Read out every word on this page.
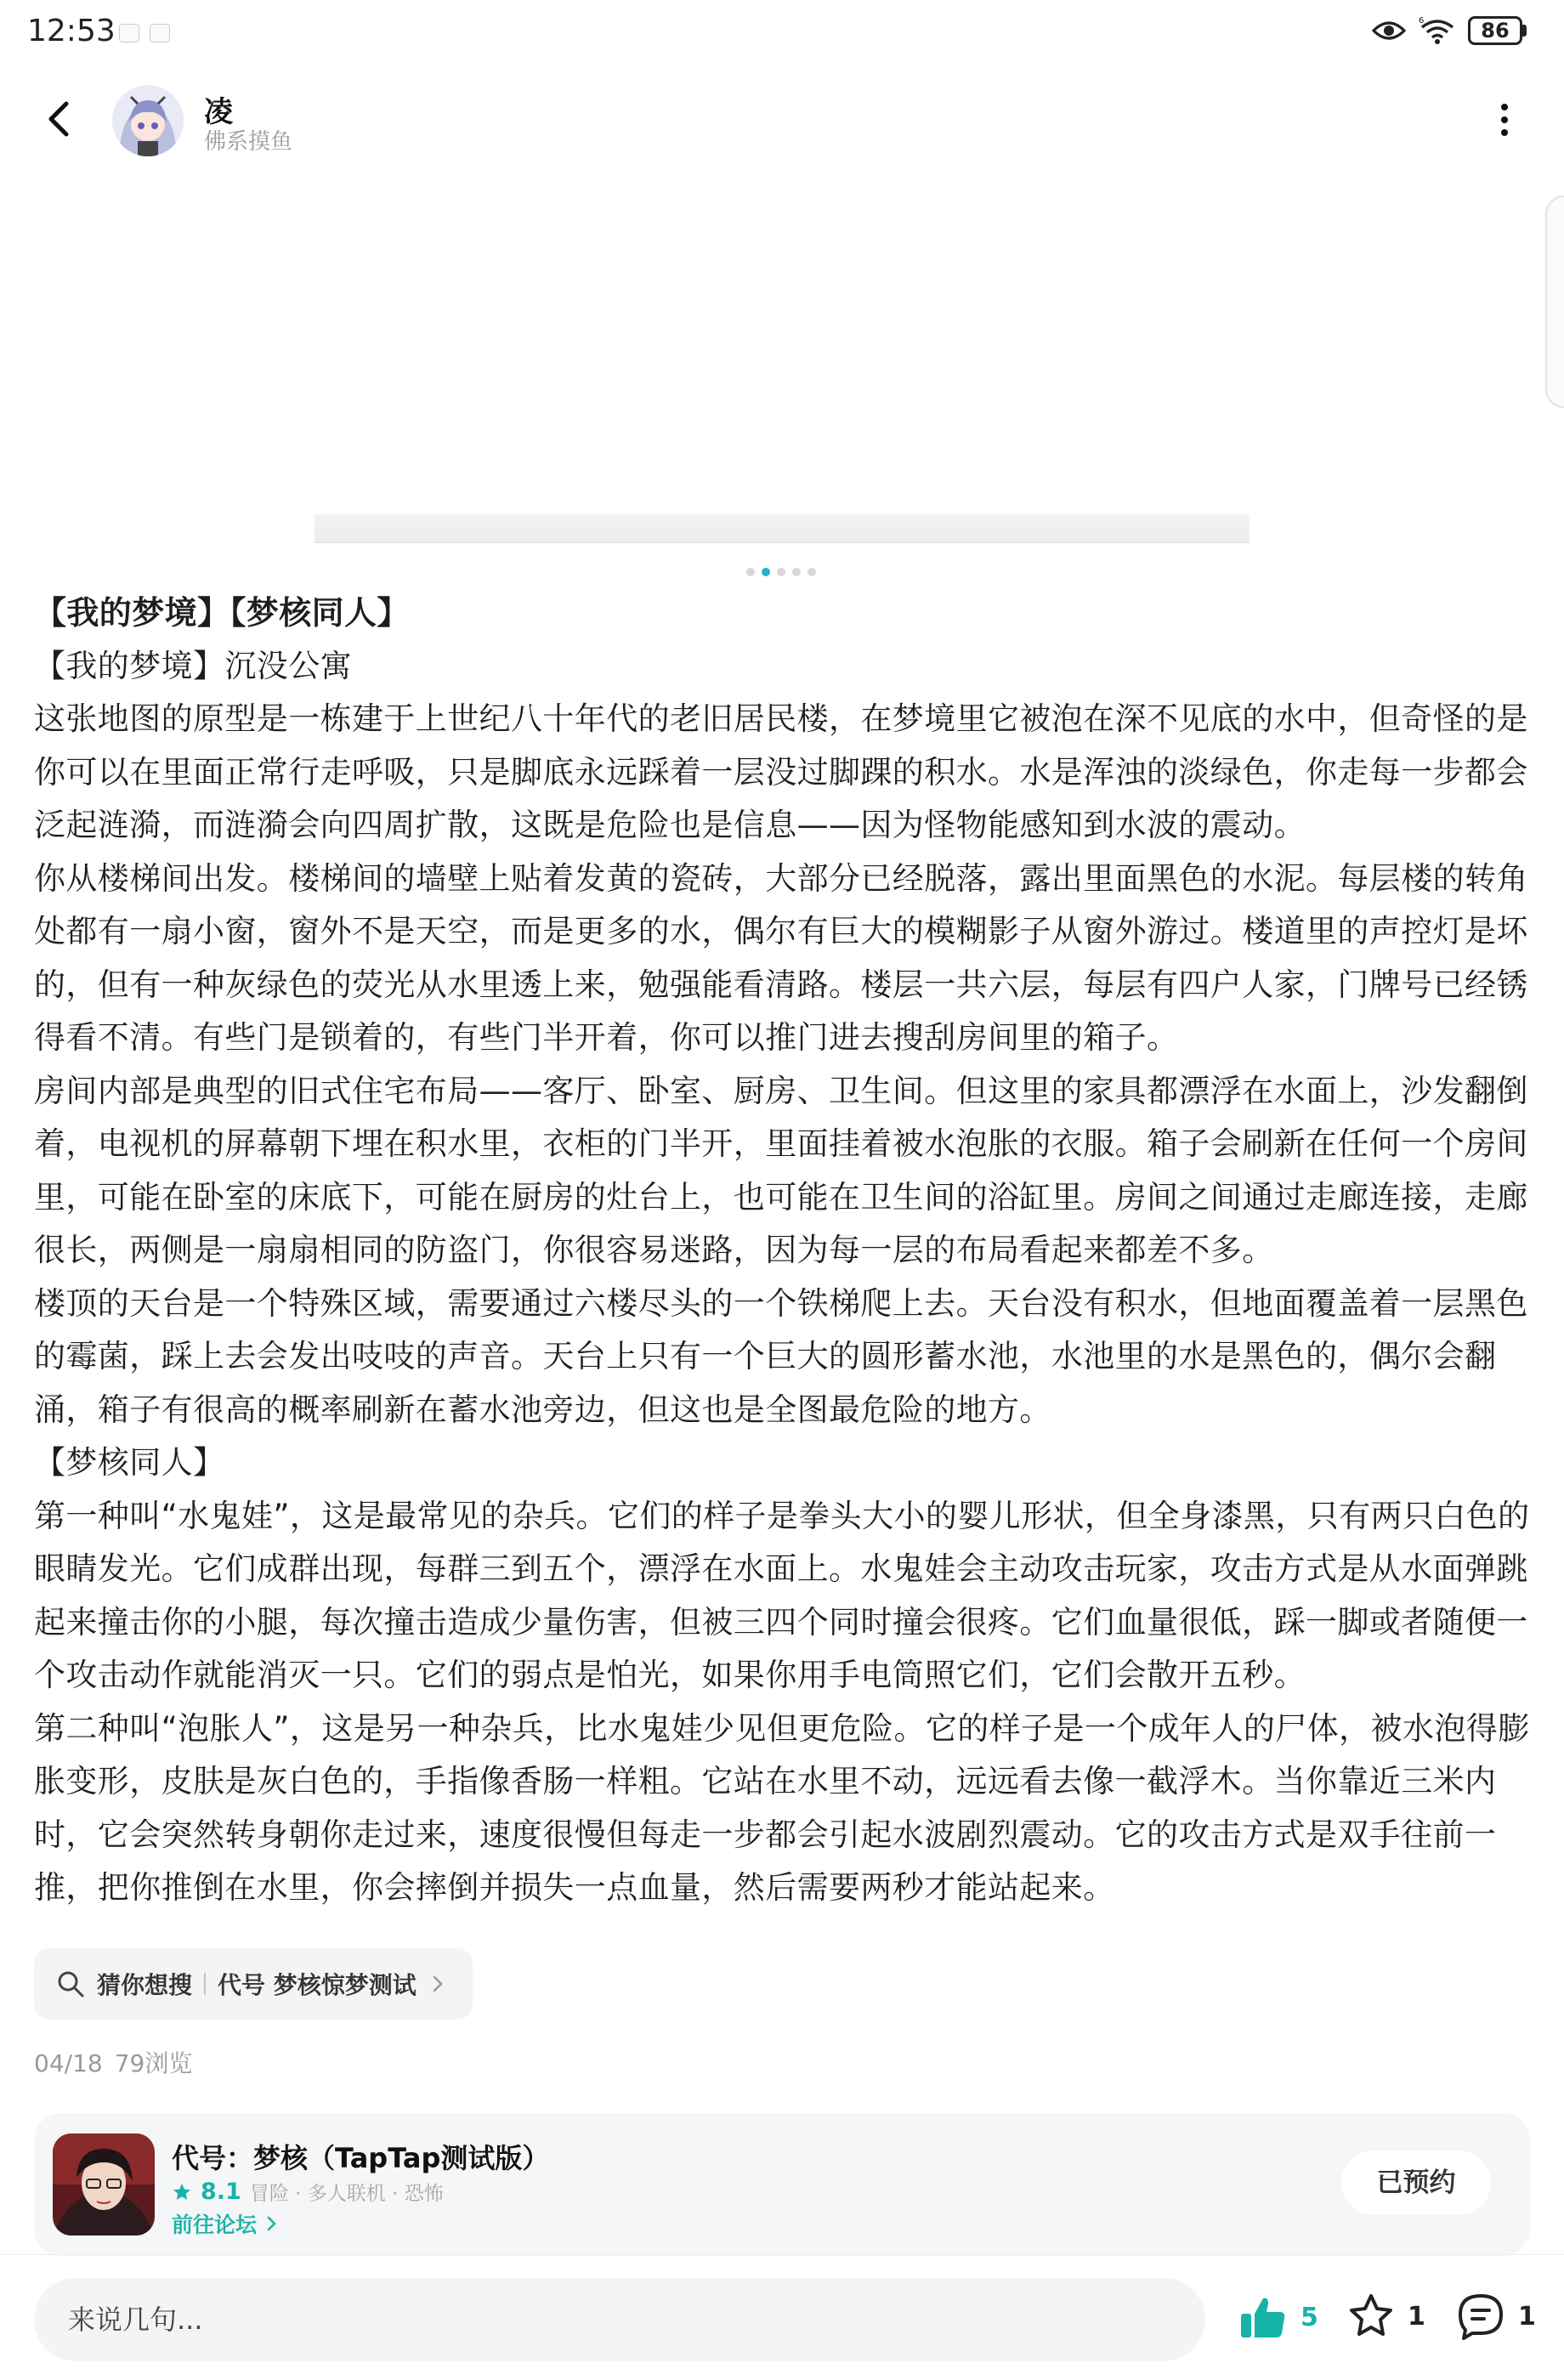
12:53	6	86
凌
佛系摸鱼

【我的梦境】【梦核同人】

【我的梦境】沉没公寓

这张地图的原型是一栋建于上世纪八十年代的老旧居民楼，在梦境里它被泡在深不见底的水中，但奇怪的是你可以在里面正常行走呼吸，只是脚底永远踩着一层没过脚踝的积水。水是浑浊的淡绿色，你走每一步都会泛起涟漪，而涟漪会向四周扩散，这既是危险也是信息——因为怪物能感知到水波的震动。

你从楼梯间出发。楼梯间的墙壁上贴着发黄的瓷砖，大部分已经脱落，露出里面黑色的水泥。每层楼的转角处都有一扇小窗，窗外不是天空，而是更多的水，偶尔有巨大的模糊影子从窗外游过。楼道里的声控灯是坏的，但有一种灰绿色的荧光从水里透上来，勉强能看清路。楼层一共六层，每层有四户人家，门牌号已经锈得看不清。有些门是锁着的，有些门半开着，你可以推门进去搜刮房间里的箱子。

房间内部是典型的旧式住宅布局——客厅、卧室、厨房、卫生间。但这里的家具都漂浮在水面上，沙发翻倒着，电视机的屏幕朝下埋在积水里，衣柜的门半开，里面挂着被水泡胀的衣服。箱子会刷新在任何一个房间里，可能在卧室的床底下，可能在厨房的灶台上，也可能在卫生间的浴缸里。房间之间通过走廊连接，走廊很长，两侧是一扇扇相同的防盗门，你很容易迷路，因为每一层的布局看起来都差不多。

楼顶的天台是一个特殊区域，需要通过六楼尽头的一个铁梯爬上去。天台没有积水，但地面覆盖着一层黑色的霉菌，踩上去会发出吱吱的声音。天台上只有一个巨大的圆形蓄水池，水池里的水是黑色的，偶尔会翻涌，箱子有很高的概率刷新在蓄水池旁边，但这也是全图最危险的地方。

【梦核同人】

第一种叫“水鬼娃”，这是最常见的杂兵。它们的样子是拳头大小的婴儿形状，但全身漆黑，只有两只白色的眼睛发光。它们成群出现，每群三到五个，漂浮在水面上。水鬼娃会主动攻击玩家，攻击方式是从水面弹跳起来撞击你的小腿，每次撞击造成少量伤害，但被三四个同时撞会很疼。它们血量很低，踩一脚或者随便一个攻击动作就能消灭一只。它们的弱点是怕光，如果你用手电筒照它们，它们会散开五秒。

第二种叫“泡胀人”，这是另一种杂兵，比水鬼娃少见但更危险。它的样子是一个成年人的尸体，被水泡得膨胀变形，皮肤是灰白色的，手指像香肠一样粗。它站在水里不动，远远看去像一截浮木。当你靠近三米内时，它会突然转身朝你走过来，速度很慢但每走一步都会引起水波剧烈震动。它的攻击方式是双手往前一推，把你推倒在水里，你会摔倒并损失一点血量，然后需要两秒才能站起来。

猜你想搜 代号 梦核惊梦测试
04/18 79浏览
代号：梦核（TapTap测试版）
8.1 冒险 · 多人联机 · 恐怖
前往论坛
已预约
来说几句...	5	1	1
